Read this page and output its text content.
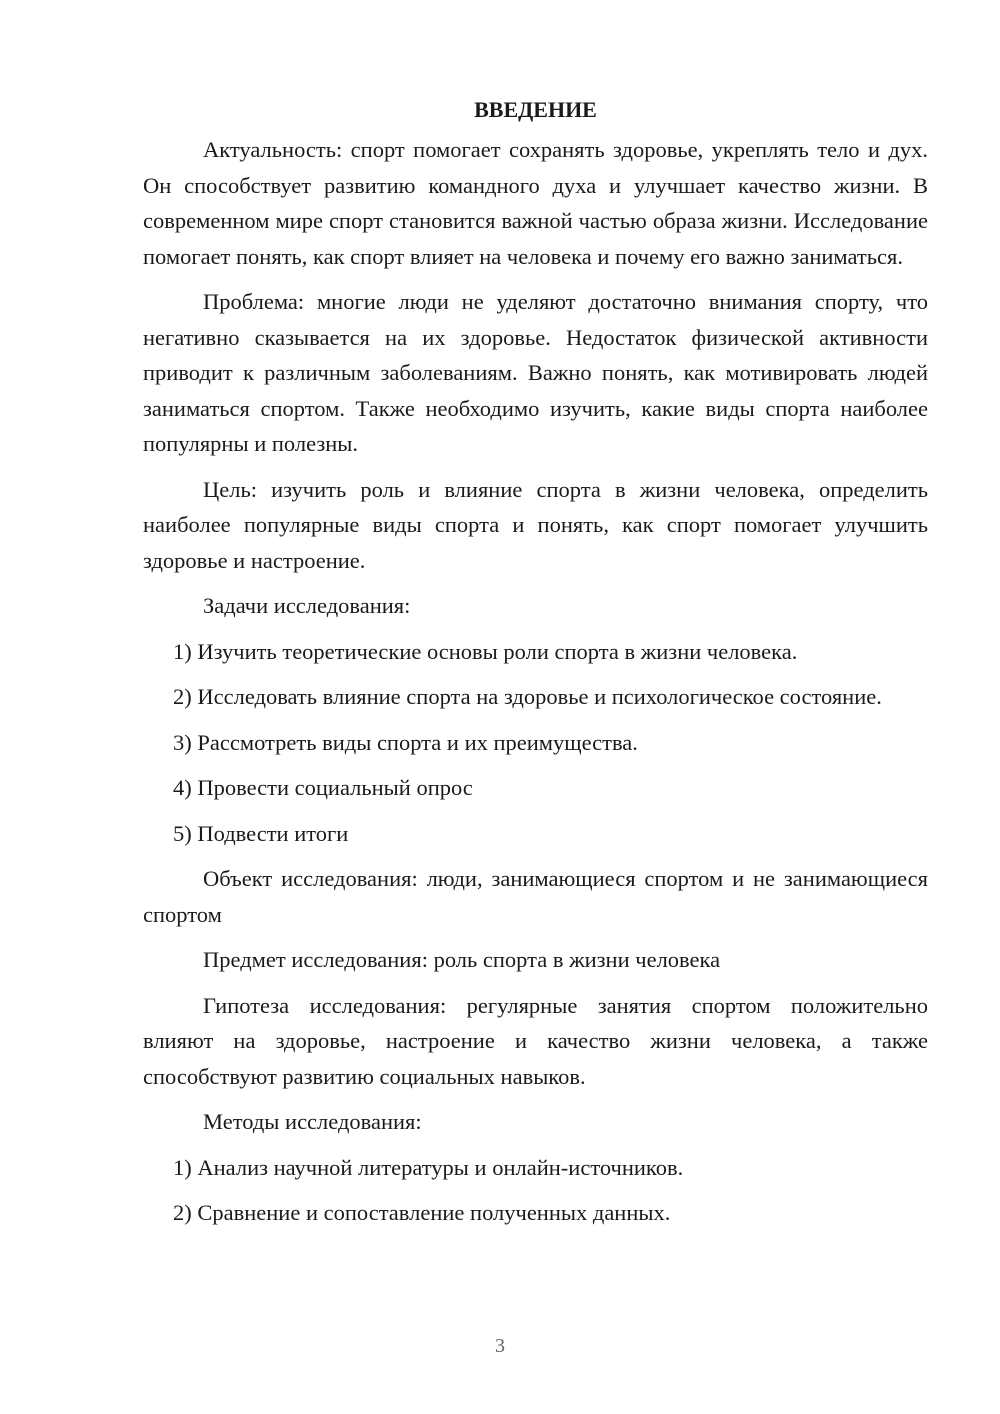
ВВЕДЕНИЕ

Актуальность: спорт помогает сохранять здоровье, укреплять тело и дух. Он способствует развитию командного духа и улучшает качество жизни. В современном мире спорт становится важной частью образа жизни. Исследование помогает понять, как спорт влияет на человека и почему его важно заниматься.

Проблема: многие люди не уделяют достаточно внимания спорту, что негативно сказывается на их здоровье. Недостаток физической активности приводит к различным заболеваниям. Важно понять, как мотивировать людей заниматься спортом. Также необходимо изучить, какие виды спорта наиболее популярны и полезны.

Цель: изучить роль и влияние спорта в жизни человека, определить наиболее популярные виды спорта и понять, как спорт помогает улучшить здоровье и настроение.

Задачи исследования:

1) Изучить теоретические основы роли спорта в жизни человека.

2) Исследовать влияние спорта на здоровье и психологическое состояние.

3) Рассмотреть виды спорта и их преимущества.

4) Провести социальный опрос

5) Подвести итоги

Объект исследования: люди, занимающиеся спортом и не занимающиеся спортом

Предмет исследования: роль спорта в жизни человека

Гипотеза исследования: регулярные занятия спортом положительно влияют на здоровье, настроение и качество жизни человека, а также способствуют развитию социальных навыков.

Методы исследования:

1) Анализ научной литературы и онлайн-источников.

2) Сравнение и сопоставление полученных данных.

3
